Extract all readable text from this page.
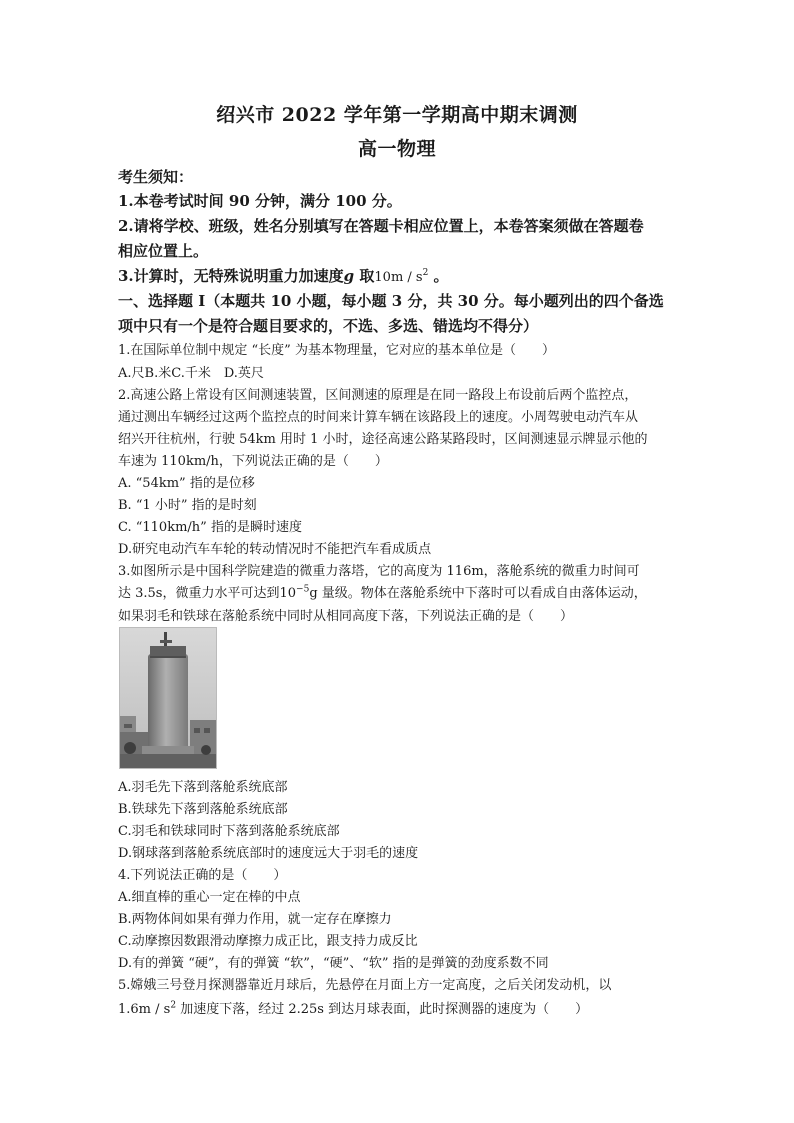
绍兴市 2022 学年第一学期高中期末调测
高一物理
考生须知：
1.本卷考试时间 90 分钟，满分 100 分。
2.请将学校、班级，姓名分别填写在答题卡相应位置上，本卷答案须做在答题卷
相应位置上。
3.计算时，无特殊说明重力加速度g 取$10m / s^2$ 。
一、选择题 I（本题共 10 小题，每小题 3 分，共 30 分。每小题列出的四个备选
项中只有一个是符合题目要求的，不选、多选、错选均不得分）
1.在国际单位制中规定 “长度” 为基本物理量，它对应的基本单位是（　　）
A.尺B.米C.千米　D.英尺
2.高速公路上常设有区间测速装置，区间测速的原理是在同一路段上布设前后两个监控点，
通过测出车辆经过这两个监控点的时间来计算车辆在该路段上的速度。小周驾驶电动汽车从
绍兴开往杭州，行驶 54km 用时 1 小时，途径高速公路某路段时，区间测速显示牌显示他的
车速为 110km/h，下列说法正确的是（　　）
A. “54km” 指的是位移
B. “1 小时” 指的是时刻
C. “110km/h” 指的是瞬时速度
D.研究电动汽车车轮的转动情况时不能把汽车看成质点
3.如图所示是中国科学院建造的微重力落塔，它的高度为 116m，落舱系统的微重力时间可
达 3.5s，微重力水平可达到$10^{-5}g$ 量级。物体在落舱系统中下落时可以看成自由落体运动，
如果羽毛和铁球在落舱系统中同时从相同高度下落，下列说法正确的是（　　）
A.羽毛先下落到落舱系统底部
B.铁球先下落到落舱系统底部
C.羽毛和铁球同时下落到落舱系统底部
D.钢球落到落舱系统底部时的速度远大于羽毛的速度
4.下列说法正确的是（　　）
A.细直棒的重心一定在棒的中点
B.两物体间如果有弹力作用，就一定存在摩擦力
C.动摩擦因数跟滑动摩擦力成正比，跟支持力成反比
D.有的弹簧 “硬”，有的弹簧 “软”，“硬”、“软” 指的是弹簧的劲度系数不同
5.嫦娥三号登月探测器靠近月球后，先悬停在月面上方一定高度，之后关闭发动机，以
$1.6m / s^2$ 加速度下落，经过 2.25s 到达月球表面，此时探测器的速度为（　　）
